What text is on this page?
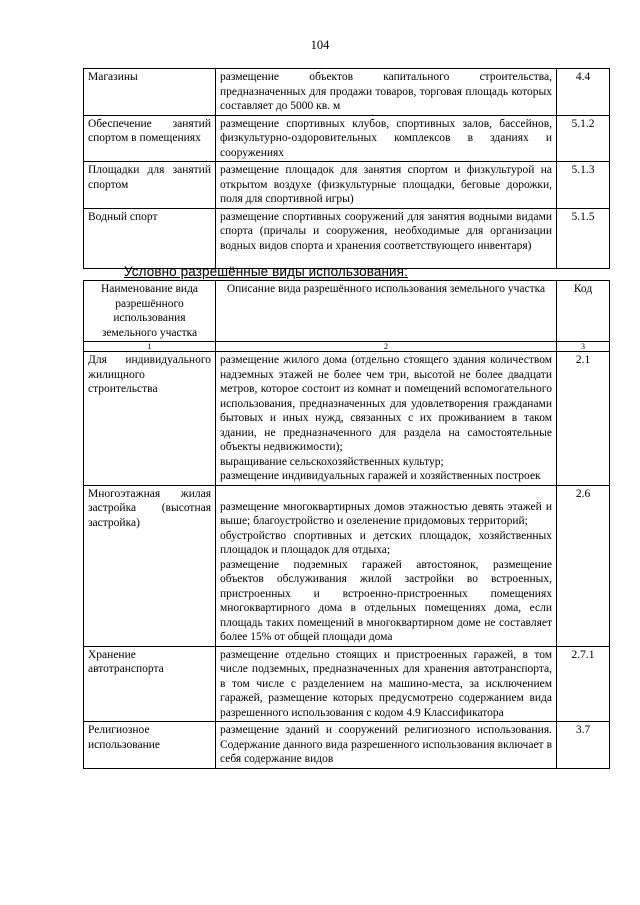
104
Магазины	размещение объектов капитального строительства, предназначенных для продажи товаров, торговая площадь которых составляет до 5000 кв. м	4.4
Обеспечение занятий спортом в помещениях	размещение спортивных клубов, спортивных залов, бассейнов, физкультурно-оздоровительных комплексов в зданиях и сооружениях	5.1.2
Площадки для занятий спортом	размещение площадок для занятия спортом и физкультурой на открытом воздухе (физкультурные площадки, беговые дорожки, поля для спортивной игры)	5.1.3
Водный спорт	размещение спортивных сооружений для занятия водными видами спорта (причалы и сооружения, необходимые для организации водных видов спорта и хранения соответствующего инвентаря)	5.1.5
Условно разрешённые виды использования:
Наименование вида разрешённого использования земельного участка	Описание вида разрешённого использования земельного участка	Код
1	2	3
Для индивидуального жилищного строительства	размещение жилого дома (отдельно стоящего здания количеством надземных этажей не более чем три, высотой не более двадцати метров, которое состоит из комнат и помещений вспомогательного использования, предназначенных для удовлетворения гражданами бытовых и иных нужд, связанных с их проживанием в таком здании, не предназначенного для раздела на самостоятельные объекты недвижимости);
выращивание сельскохозяйственных культур;
размещение индивидуальных гаражей и хозяйственных построек	2.1
Многоэтажная жилая застройка (высотная застройка)	размещение многоквартирных домов этажностью девять этажей и выше; благоустройство и озеленение придомовых территорий;
обустройство спортивных и детских площадок, хозяйственных площадок и площадок для отдыха;
размещение подземных гаражей автостоянок, размещение объектов обслуживания жилой застройки во встроенных, пристроенных и встроенно-пристроенных помещениях многоквартирного дома в отдельных помещениях дома, если площадь таких помещений в многоквартирном доме не составляет более 15% от общей площади дома	2.6
Хранение автотранспорта	размещение отдельно стоящих и пристроенных гаражей, в том числе подземных, предназначенных для хранения автотранспорта, в том числе с разделением на машино-места, за исключением гаражей, размещение которых предусмотрено содержанием вида разрешенного использования с кодом 4.9 Классификатора	2.7.1
Религиозное использование	размещение зданий и сооружений религиозного использования. Содержание данного вида разрешенного использования включает в себя содержание видов	3.7
